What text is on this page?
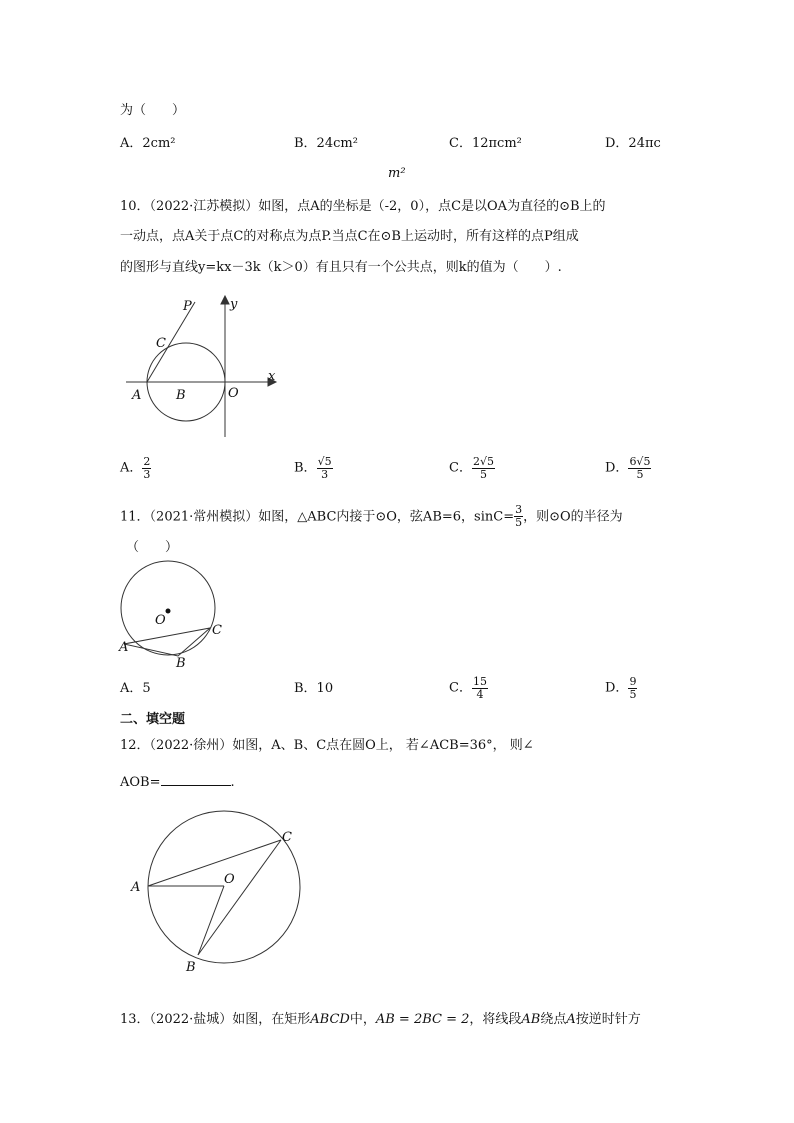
为（　　）
A．2cm²	B．24cm²	C．12πcm²	D．24πc
m²
10．（2022·江苏模拟）如图，点A的坐标是（-2，0），点C是以OA为直径的⊙B上的
一动点，点A关于点C的对称点为点P.当点C在⊙B上运动时，所有这样的点P组成
的图形与直线y=kx－3k（k＞0）有且只有一个公共点，则k的值为（　　）.
P
C
y
x
A	B	O
A． $\frac{2}{3}$	B． $\frac{√5}{3}$	C． $\frac{2√5}{5}$	D． $\frac{6√5}{5}$
11．（2021·常州模拟）如图，△ABC内接于⊙O，弦AB=6，$\sin C= \frac{3}{5}$ ，则⊙O的半径为
（　　）
O
A
B
C
A．5	B．10	C． $\frac{15}{4}$	D． $\frac{9}{5}$
二、填空题
12．（2022·徐州）如图，A、B、C点在圆O上， 若∠ACB=36°， 则∠
AOB=	.
A
B
C
O
13．（2022·盐城）如图，在矩形ABCD中，AB = 2BC = 2，将线段AB绕点A按逆时针方
